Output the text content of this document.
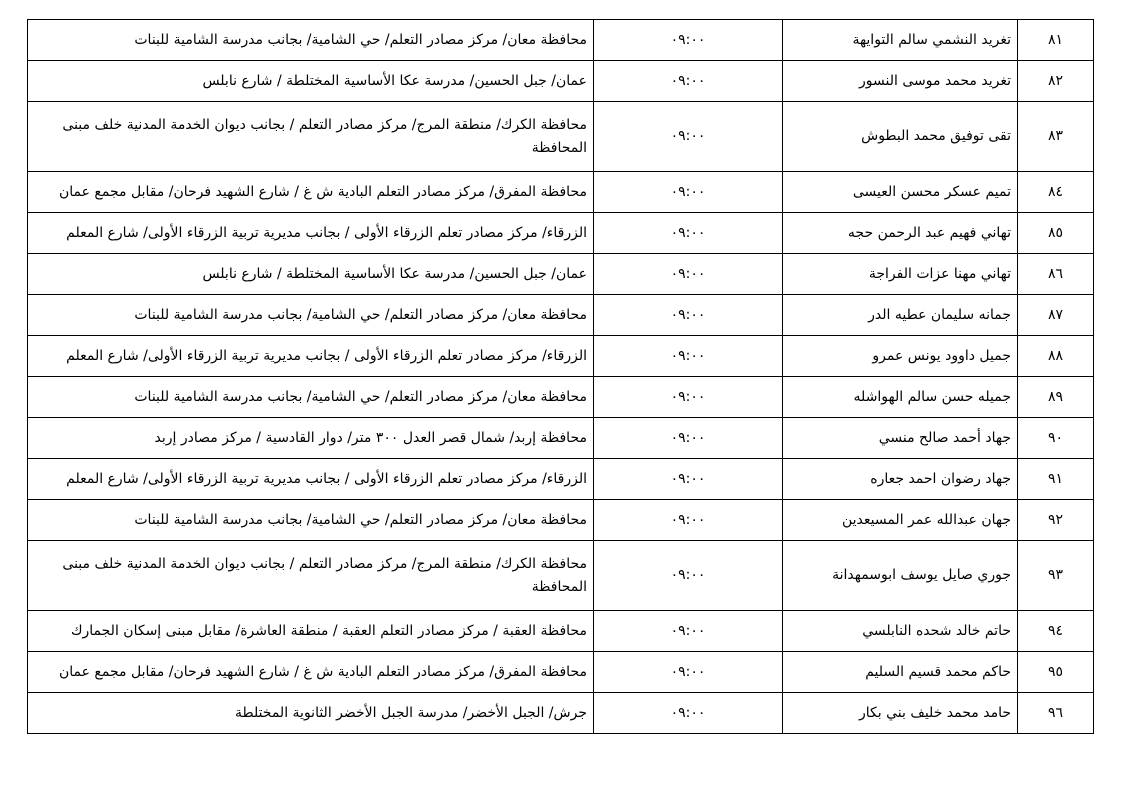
٨١	تغريد النشمي سالم التوايهة	٠٩:٠٠	محافظة معان/ مركز مصادر التعلم/ حي الشامية/ بجانب مدرسة الشامية للبنات
٨٢	تغريد محمد موسى النسور	٠٩:٠٠	عمان/ جبل الحسين/ مدرسة عكا الأساسية المختلطة / شارع نابلس
٨٣	تقى توفيق محمد البطوش	٠٩:٠٠	محافظة الكرك/ منطقة المرج/ مركز مصادر التعلم / بجانب ديوان الخدمة المدنية خلف مبنى المحافظة
٨٤	تميم عسكر محسن العيسى	٠٩:٠٠	محافظة المفرق/ مركز مصادر التعلم البادية ش غ / شارع الشهيد فرحان/ مقابل مجمع عمان
٨٥	تهاني فهيم عبد الرحمن حجه	٠٩:٠٠	الزرقاء/ مركز مصادر تعلم الزرقاء الأولى / بجانب مديرية تربية الزرقاء الأولى/ شارع المعلم
٨٦	تهاني مهنا عزات الفراجة	٠٩:٠٠	عمان/ جبل الحسين/ مدرسة عكا الأساسية المختلطة / شارع نابلس
٨٧	جمانه سليمان عطيه الدر	٠٩:٠٠	محافظة معان/ مركز مصادر التعلم/ حي الشامية/ بجانب مدرسة الشامية للبنات
٨٨	جميل داوود يونس عمرو	٠٩:٠٠	الزرقاء/ مركز مصادر تعلم الزرقاء الأولى / بجانب مديرية تربية الزرقاء الأولى/ شارع المعلم
٨٩	جميله حسن سالم الهواشله	٠٩:٠٠	محافظة معان/ مركز مصادر التعلم/ حي الشامية/ بجانب مدرسة الشامية للبنات
٩٠	جهاد أحمد صالح منسي	٠٩:٠٠	محافظة إربد/ شمال قصر العدل ٣٠٠ متر/ دوار القادسية / مركز مصادر إربد
٩١	جهاد رضوان احمد جعاره	٠٩:٠٠	الزرقاء/ مركز مصادر تعلم الزرقاء الأولى / بجانب مديرية تربية الزرقاء الأولى/ شارع المعلم
٩٢	جهان عبدالله عمر المسيعدين	٠٩:٠٠	محافظة معان/ مركز مصادر التعلم/ حي الشامية/ بجانب مدرسة الشامية للبنات
٩٣	جوري صايل يوسف ابوسمهدانة	٠٩:٠٠	محافظة الكرك/ منطقة المرج/ مركز مصادر التعلم / بجانب ديوان الخدمة المدنية خلف مبنى المحافظة
٩٤	حاتم خالد شحده النابلسي	٠٩:٠٠	محافظة العقبة / مركز مصادر التعلم العقبة / منطقة العاشرة/ مقابل مبنى إسكان الجمارك
٩٥	حاكم محمد قسيم السليم	٠٩:٠٠	محافظة المفرق/ مركز مصادر التعلم البادية ش غ / شارع الشهيد فرحان/ مقابل مجمع عمان
٩٦	حامد محمد خليف بني بكار	٠٩:٠٠	جرش/ الجبل الأخضر/ مدرسة الجبل الأخضر الثانوية المختلطة
